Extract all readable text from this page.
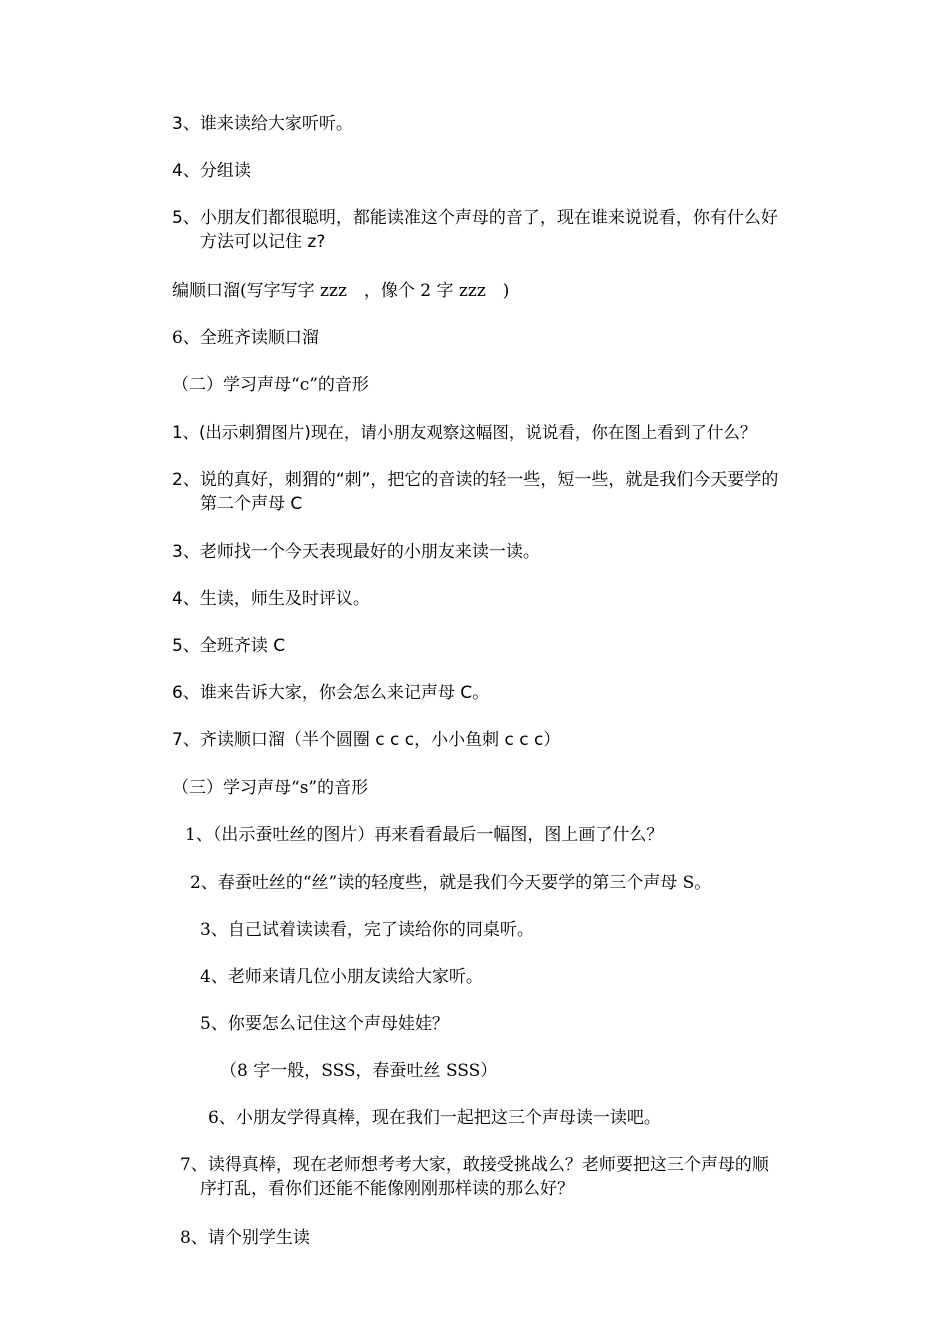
3、谁来读给大家听听。
4、分组读
5、小朋友们都很聪明，都能读准这个声母的音了，现在谁来说说看，你有什么好
方法可以记住 z?
编顺口溜(写字写字 zzz　，像个 2 字 zzz　)
6、全班齐读顺口溜
（二）学习声母“c”的音形
1、(出示刺猬图片)现在，请小朋友观察这幅图，说说看，你在图上看到了什么？
2、说的真好，刺猬的“刺”，把它的音读的轻一些，短一些，就是我们今天要学的
第二个声母 C
3、老师找一个今天表现最好的小朋友来读一读。
4、生读，师生及时评议。
5、全班齐读 C
6、谁来告诉大家，你会怎么来记声母 C。
7、齐读顺口溜（半个圆圈 c c c，小小鱼刺 c c c）
（三）学习声母“s”的音形
1、（出示蚕吐丝的图片）再来看看最后一幅图，图上画了什么？
2、春蚕吐丝的“丝”读的轻度些，就是我们今天要学的第三个声母 S。
3、自己试着读读看，完了读给你的同桌听。
4、老师来请几位小朋友读给大家听。
5、你要怎么记住这个声母娃娃？
（8 字一般，SSS，春蚕吐丝 SSS）
6、小朋友学得真棒，现在我们一起把这三个声母读一读吧。
7、读得真棒，现在老师想考考大家，敢接受挑战么？老师要把这三个声母的顺
序打乱，看你们还能不能像刚刚那样读的那么好？
8、请个别学生读
